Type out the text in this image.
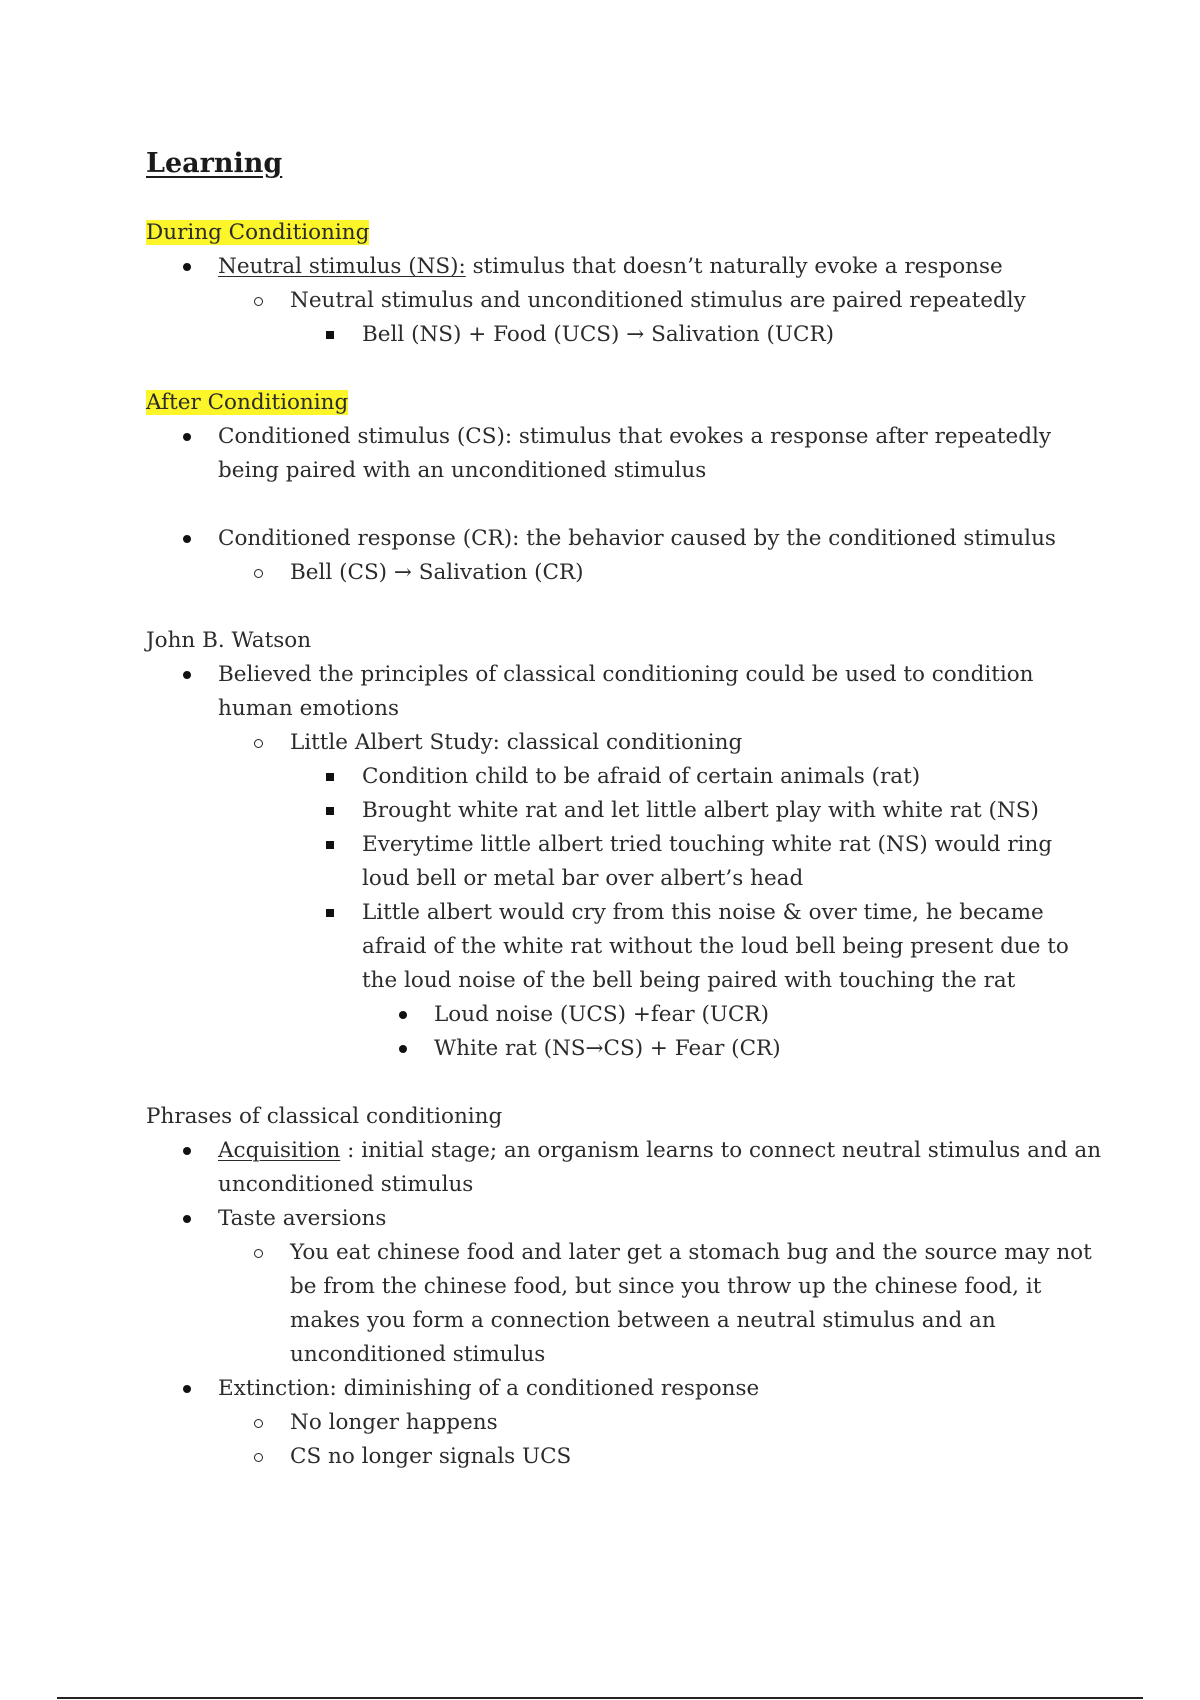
Learning
During Conditioning
Neutral stimulus (NS): stimulus that doesn’t naturally evoke a response
Neutral stimulus and unconditioned stimulus are paired repeatedly
Bell (NS) + Food (UCS) → Salivation (UCR)
After Conditioning
Conditioned stimulus (CS): stimulus that evokes a response after repeatedly being paired with an unconditioned stimulus
Conditioned response (CR): the behavior caused by the conditioned stimulus
Bell (CS) → Salivation (CR)
John B. Watson
Believed the principles of classical conditioning could be used to condition human emotions
Little Albert Study: classical conditioning
Condition child to be afraid of certain animals (rat)
Brought white rat and let little albert play with white rat (NS)
Everytime little albert tried touching white rat (NS) would ring loud bell or metal bar over albert’s head
Little albert would cry from this noise & over time, he became afraid of the white rat without the loud bell being present due to the loud noise of the bell being paired with touching the rat
Loud noise (UCS) +fear (UCR)
White rat (NS→CS) + Fear (CR)
Phrases of classical conditioning
Acquisition : initial stage; an organism learns to connect neutral stimulus and an unconditioned stimulus
Taste aversions
You eat chinese food and later get a stomach bug and the source may not be from the chinese food, but since you throw up the chinese food, it makes you form a connection between a neutral stimulus and an unconditioned stimulus
Extinction: diminishing of a conditioned response
No longer happens
CS no longer signals UCS
